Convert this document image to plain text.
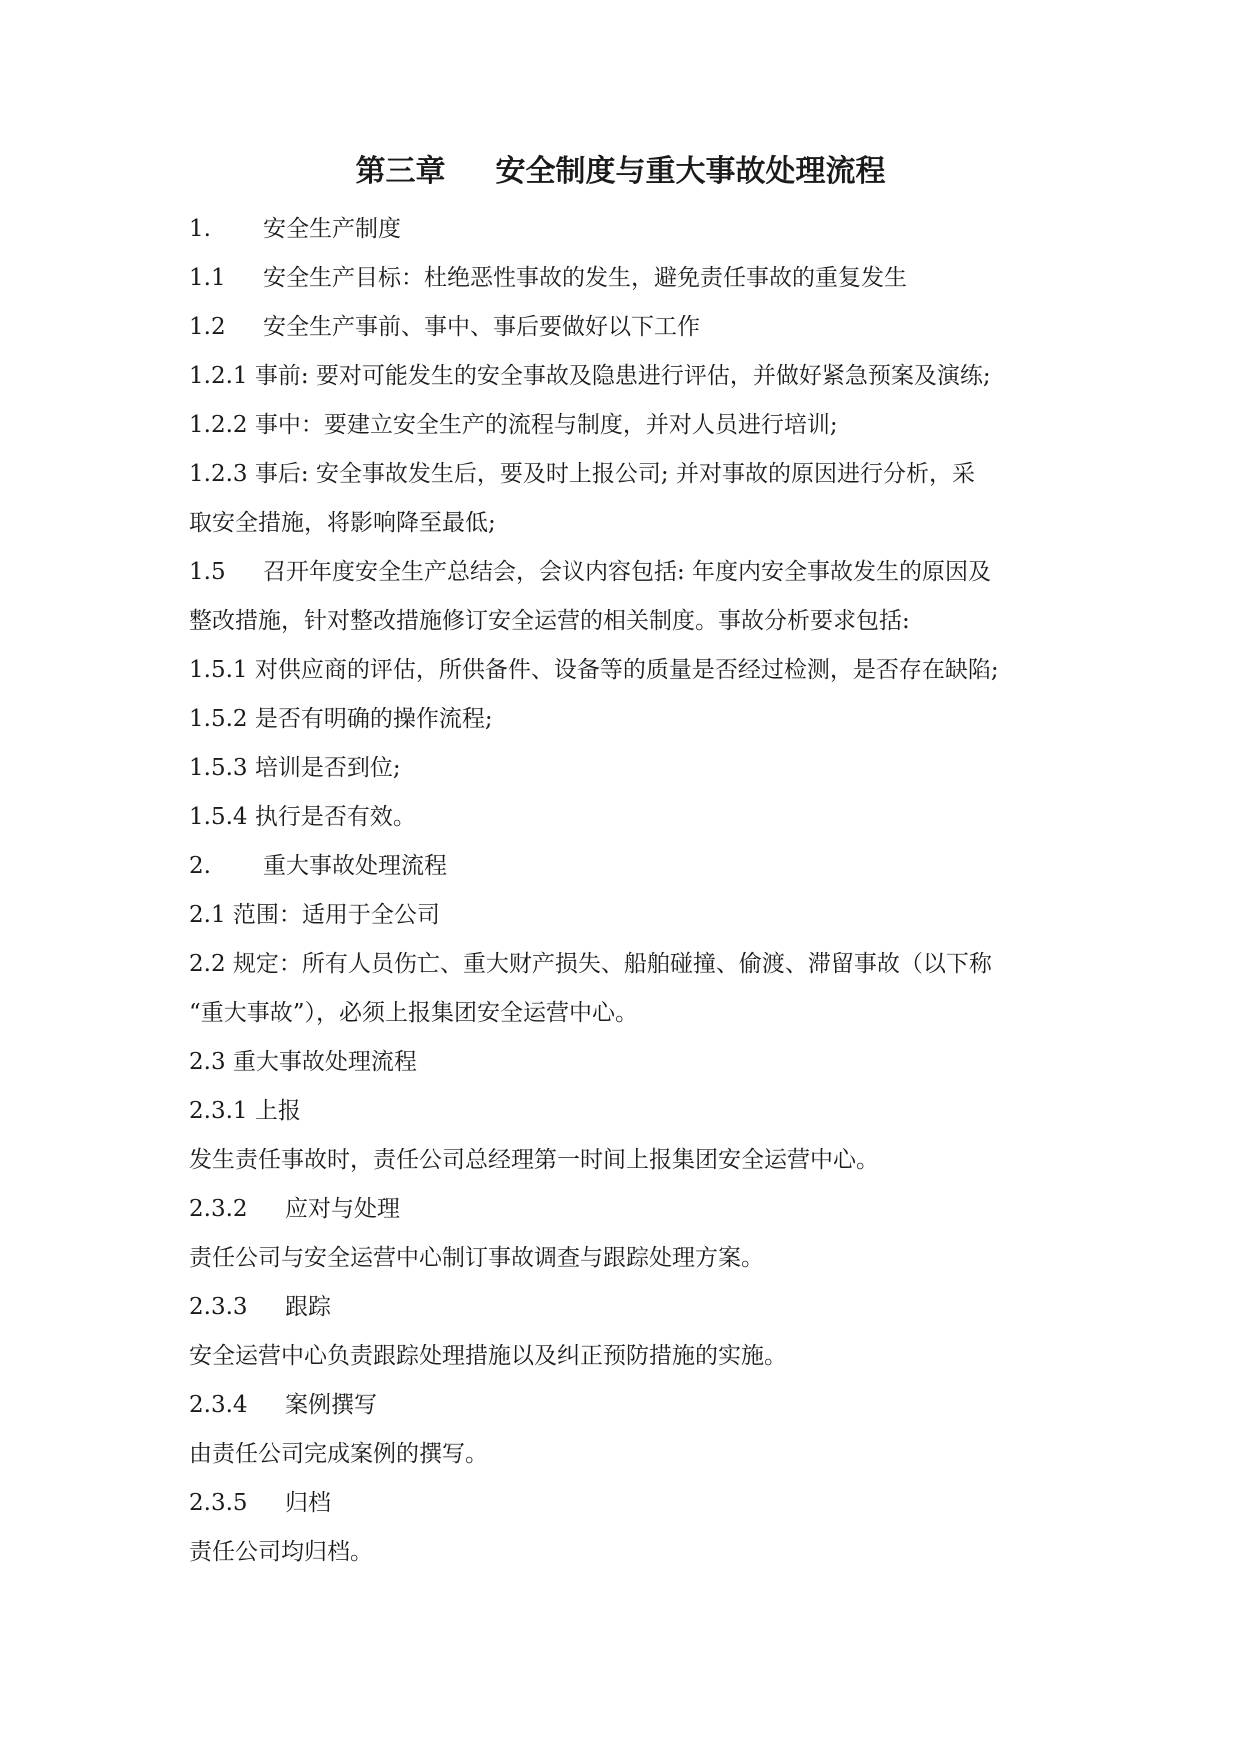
第三章 安全制度与重大事故处理流程
1. 安全生产制度
1.1 安全生产目标：杜绝恶性事故的发生，避免责任事故的重复发生
1.2 安全生产事前、事中、事后要做好以下工作
1.2.1 事前: 要对可能发生的安全事故及隐患进行评估，并做好紧急预案及演练;
1.2.2 事中：要建立安全生产的流程与制度，并对人员进行培训;
1.2.3 事后: 安全事故发生后，要及时上报公司; 并对事故的原因进行分析，采
取安全措施，将影响降至最低;
1.5 召开年度安全生产总结会，会议内容包括: 年度内安全事故发生的原因及
整改措施，针对整改措施修订安全运营的相关制度。事故分析要求包括:
1.5.1 对供应商的评估，所供备件、设备等的质量是否经过检测，是否存在缺陷;
1.5.2 是否有明确的操作流程;
1.5.3 培训是否到位;
1.5.4 执行是否有效。
2. 重大事故处理流程
2.1 范围：适用于全公司
2.2 规定：所有人员伤亡、重大财产损失、船舶碰撞、偷渡、滞留事故（以下称
“重大事故”），必须上报集团安全运营中心。
2.3 重大事故处理流程
2.3.1 上报
发生责任事故时，责任公司总经理第一时间上报集团安全运营中心。
2.3.2 应对与处理
责任公司与安全运营中心制订事故调查与跟踪处理方案。
2.3.3 跟踪
安全运营中心负责跟踪处理措施以及纠正预防措施的实施。
2.3.4 案例撰写
由责任公司完成案例的撰写。
2.3.5 归档
责任公司均归档。
